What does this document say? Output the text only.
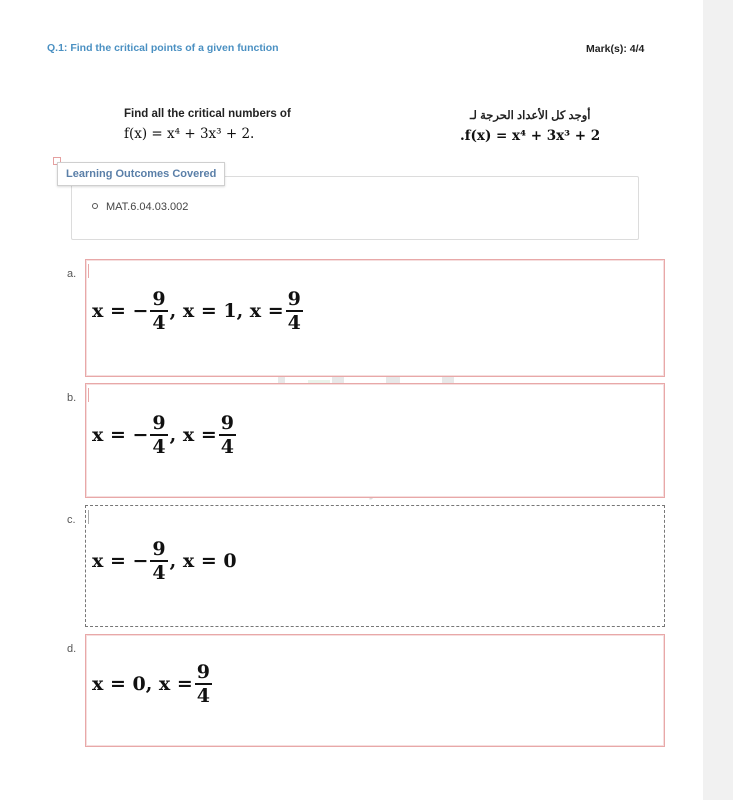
Q.1: Find the critical points of a given function	Mark(s): 4/4
Find all the critical numbers of
f(x) = x⁴ + 3x³ + 2.
أوجد كل الأعداد الحرجة لـ
.f(x) = x⁴ + 3x³ + 2
Learning Outcomes Covered
MAT.6.04.03.002
a.
x = − $\frac{9}{4}$ , x = 1, $x = \frac{9}{4}$
b.
x = − $\frac{9}{4}$ , $x = \frac{9}{4}$
c.
x = − $\frac{9}{4}$ , x = 0
d.
x = 0, $x = \frac{9}{4}$
